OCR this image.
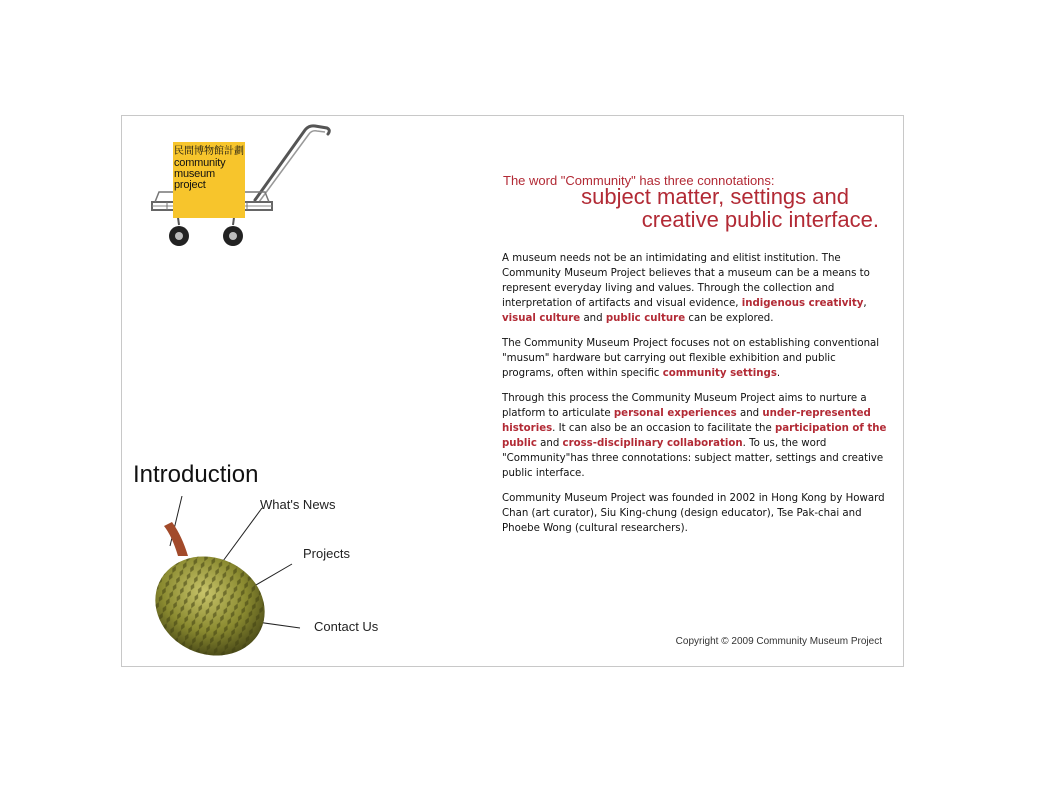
民間博物館計劃
community
museum
project	The word "Community" has three connotations:
subject matter, settings and
creative public interface.

A museum needs not be an intimidating and elitist institution. The Community Museum Project believes that a museum can be a means to represent everyday living and values. Through the collection and interpretation of artifacts and visual evidence, indigenous creativity, visual culture and public culture can be explored.

The Community Museum Project focuses not on establishing conventional "musum" hardware but carrying out flexible exhibition and public programs, often within specific community settings.

Through this process the Community Museum Project aims to nurture a platform to articulate personal experiences and under-represented histories. It can also be an occasion to facilitate the participation of the public and cross-disciplinary collaboration. To us, the word "Community"has three connotations: subject matter, settings and creative public interface.

Community Museum Project was founded in 2002 in Hong Kong by Howard Chan (art curator), Siu King-chung (design educator), Tse Pak-chai and Phoebe Wong (cultural researchers).

Copyright © 2009 Community Museum Project
Introduction
What's News
Projects
Contact Us
